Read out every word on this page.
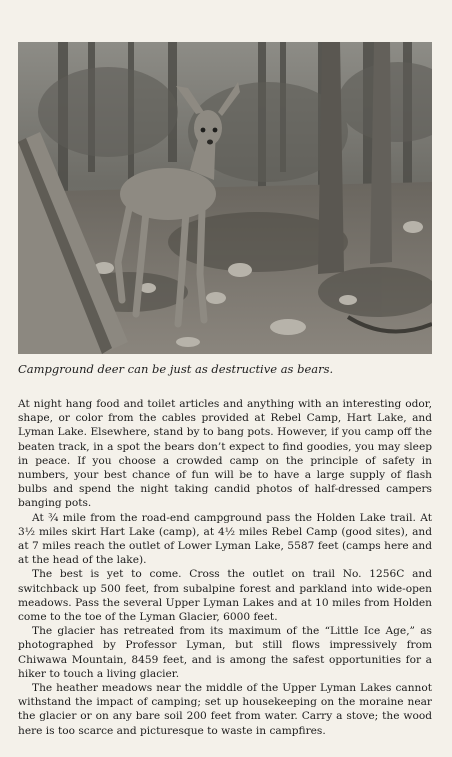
Campground deer can be just as destructive as bears.

At night hang food and toilet articles and anything with an interesting odor, shape, or color from the cables provided at Rebel Camp, Hart Lake, and Lyman Lake. Elsewhere, stand by to bang pots. However, if you camp off the beaten track, in a spot the bears don’t expect to find goodies, you may sleep in peace. If you choose a crowded camp on the principle of safety in numbers, your best chance of fun will be to have a large supply of flash bulbs and spend the night taking candid photos of half-dressed campers banging pots.

At ¾ mile from the road-end campground pass the Holden Lake trail. At 3½ miles skirt Hart Lake (camp), at 4½ miles Rebel Camp (good sites), and at 7 miles reach the outlet of Lower Lyman Lake, 5587 feet (camps here and at the head of the lake).

The best is yet to come. Cross the outlet on trail No. 1256C and switchback up 500 feet, from subalpine forest and parkland into wide-open meadows. Pass the several Upper Lyman Lakes and at 10 miles from Holden come to the toe of the Lyman Glacier, 6000 feet.

The glacier has retreated from its maximum of the “Little Ice Age,” as photographed by Professor Lyman, but still flows impressively from Chiwawa Mountain, 8459 feet, and is among the safest opportunities for a hiker to touch a living glacier.

The heather meadows near the middle of the Upper Lyman Lakes cannot withstand the impact of camping; set up housekeeping on the moraine near the glacier or on any bare soil 200 feet from water. Carry a stove; the wood here is too scarce and picturesque to waste in campfires.
